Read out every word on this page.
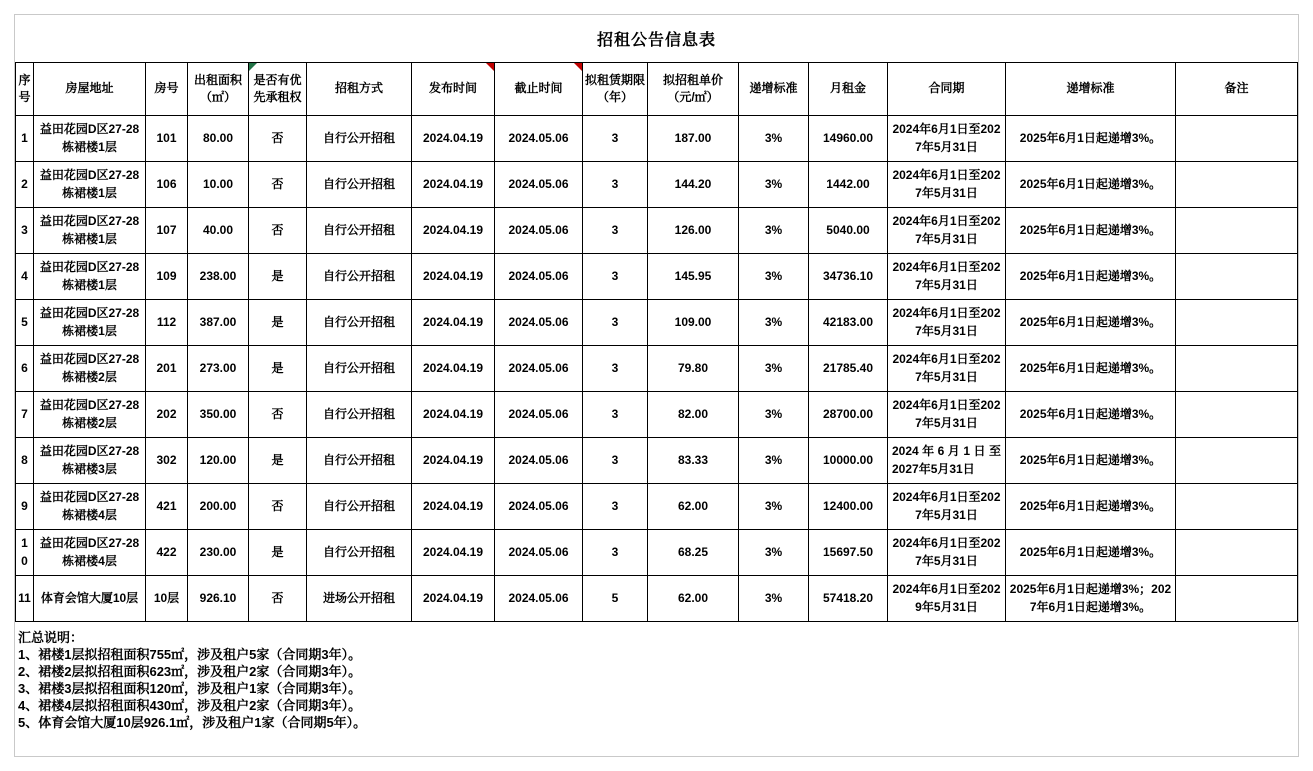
招租公告信息表
序号	房屋地址	房号	出租面积（㎡）	是否有优先承租权	招租方式	发布时间	截止时间	拟租赁期限（年）	拟招租单价（元/㎡）	递增标准	月租金	合同期	递增标准	备注
1	益田花园D区27-28栋裙楼1层	101	80.00	否	自行公开招租	2024.04.19	2024.05.06	3	187.00	3%	14960.00	2024年6月1日至2027年5月31日	2025年6月1日起递增3%。	
2	益田花园D区27-28栋裙楼1层	106	10.00	否	自行公开招租	2024.04.19	2024.05.06	3	144.20	3%	1442.00	2024年6月1日至2027年5月31日	2025年6月1日起递增3%。	
3	益田花园D区27-28栋裙楼1层	107	40.00	否	自行公开招租	2024.04.19	2024.05.06	3	126.00	3%	5040.00	2024年6月1日至2027年5月31日	2025年6月1日起递增3%。	
4	益田花园D区27-28栋裙楼1层	109	238.00	是	自行公开招租	2024.04.19	2024.05.06	3	145.95	3%	34736.10	2024年6月1日至2027年5月31日	2025年6月1日起递增3%。	
5	益田花园D区27-28栋裙楼1层	112	387.00	是	自行公开招租	2024.04.19	2024.05.06	3	109.00	3%	42183.00	2024年6月1日至2027年5月31日	2025年6月1日起递增3%。	
6	益田花园D区27-28栋裙楼2层	201	273.00	是	自行公开招租	2024.04.19	2024.05.06	3	79.80	3%	21785.40	2024年6月1日至2027年5月31日	2025年6月1日起递增3%。	
7	益田花园D区27-28栋裙楼2层	202	350.00	否	自行公开招租	2024.04.19	2024.05.06	3	82.00	3%	28700.00	2024年6月1日至2027年5月31日	2025年6月1日起递增3%。	
8	益田花园D区27-28栋裙楼3层	302	120.00	是	自行公开招租	2024.04.19	2024.05.06	3	83.33	3%	10000.00	2024 年 6 月 1 日 至 2027年5月31日	2025年6月1日起递增3%。	
9	益田花园D区27-28栋裙楼4层	421	200.00	否	自行公开招租	2024.04.19	2024.05.06	3	62.00	3%	12400.00	2024年6月1日至2027年5月31日	2025年6月1日起递增3%。	
10	益田花园D区27-28栋裙楼4层	422	230.00	是	自行公开招租	2024.04.19	2024.05.06	3	68.25	3%	15697.50	2024年6月1日至2027年5月31日	2025年6月1日起递增3%。	
11	体育会馆大厦10层	10层	926.10	否	进场公开招租	2024.04.19	2024.05.06	5	62.00	3%	57418.20	2024年6月1日至2029年5月31日	2025年6月1日起递增3%；2027年6月1日起递增3%。	
汇总说明：
1、裙楼1层拟招租面积755㎡，涉及租户5家（合同期3年）。
2、裙楼2层拟招租面积623㎡，涉及租户2家（合同期3年）。
3、裙楼3层拟招租面积120㎡，涉及租户1家（合同期3年）。
4、裙楼4层拟招租面积430㎡，涉及租户2家（合同期3年）。
5、体育会馆大厦10层926.1㎡，涉及租户1家（合同期5年）。
